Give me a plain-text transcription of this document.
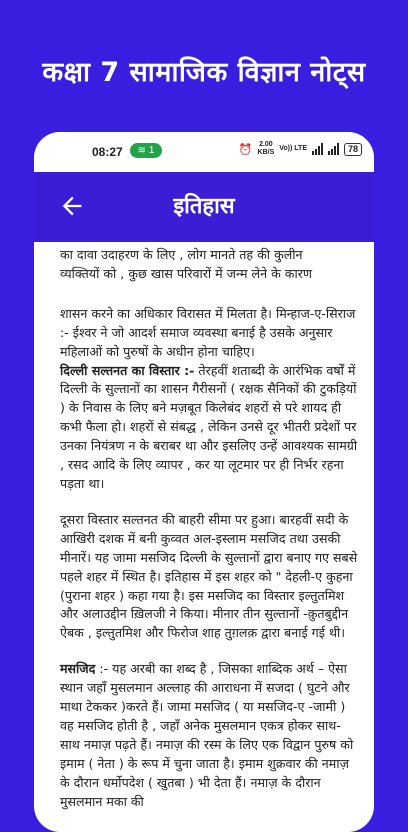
कक्षा 7 सामाजिक विज्ञान नोट्स
08:27 ≋ 1	⏰ 2.00
KB/S
Vo)) LTE	78
इतिहास

का दावा उदाहरण के लिए , लोग मानते तह की कुलीन

व्यक्तियों को , कुछ खास परिवारों में जन्म लेने के कारण

शासन करने का अधिकार विरासत में मिलता है। मिन्हाज-ए-सिराज :- ईश्वर ने जो आदर्श समाज व्यवस्था बनाई है उसके अनुसार महिलाओं को पुरुषों के अधीन होना चाहिए।

दिल्ली सल्तनत का विस्तार :- तेरहवीं शताब्दी के आरंभिक वर्षों में दिल्ली के सुल्तानों का शासन गैरीसनों ( रक्षक सैनिकों की टुकड़ियों ) के निवास के लिए बने मज़बूत किलेबंद शहरों से परे शायद ही कभी फैला हो। शहरों से संबद्ध , लेकिन उनसे दूर भीतरी प्रदेशों पर उनका नियंत्रण न के बराबर था और इसलिए उन्हें आवश्यक सामग्री , रसद आदि के लिए व्यापर , कर या लूटमार पर ही निर्भर रहना पड़ता था।

दूसरा विस्तार सल्तनत की बाहरी सीमा पर हुआ। बारहवीं सदी के आखिरी दशक में बनी कुव्वत अल-इस्लाम मसजिद तथा उसकी मीनारें। यह जामा मसजिद दिल्ली के सुल्तानों द्वारा बनाए गए सबसे पहले शहर में स्थित है। इतिहास में इस शहर को " देहली-ए कुहना (पुराना शहर ) कहा गया है। इस मसजिद का विस्तार इल्तुतमिश और अलाउद्दीन ख़िलजी ने किया। मीनार तीन सुल्तानों -क़ुतबुद्दीन ऐबक , इल्तुतमिश और फिरोज शाह तुग़लक़ द्वारा बनाई गई थी।

मसजिद :- यह अरबी का शब्द है , जिसका शाब्दिक अर्थ – ऐसा स्थान जहाँ मुसलमान अल्लाह की आराधना में सजदा ( घुटने और माथा टेककर )करते हैं। जामा मसजिद ( या मसजिद-ए -जामी ) वह मसजिद होती है , जहाँ अनेक मुसलमान एकत्र होकर साथ-साथ नमाज़ पढ़ते हैं। नमाज़ की रस्म के लिए एक विद्वान पुरुष को इमाम ( नेता ) के रूप में चुना जाता है। इमाम शुक्रवार की नमाज़ के दौरान धर्मोपदेश ( खुतबा ) भी देता हैं। नमाज़ के दौरान मुसलमान मका की
